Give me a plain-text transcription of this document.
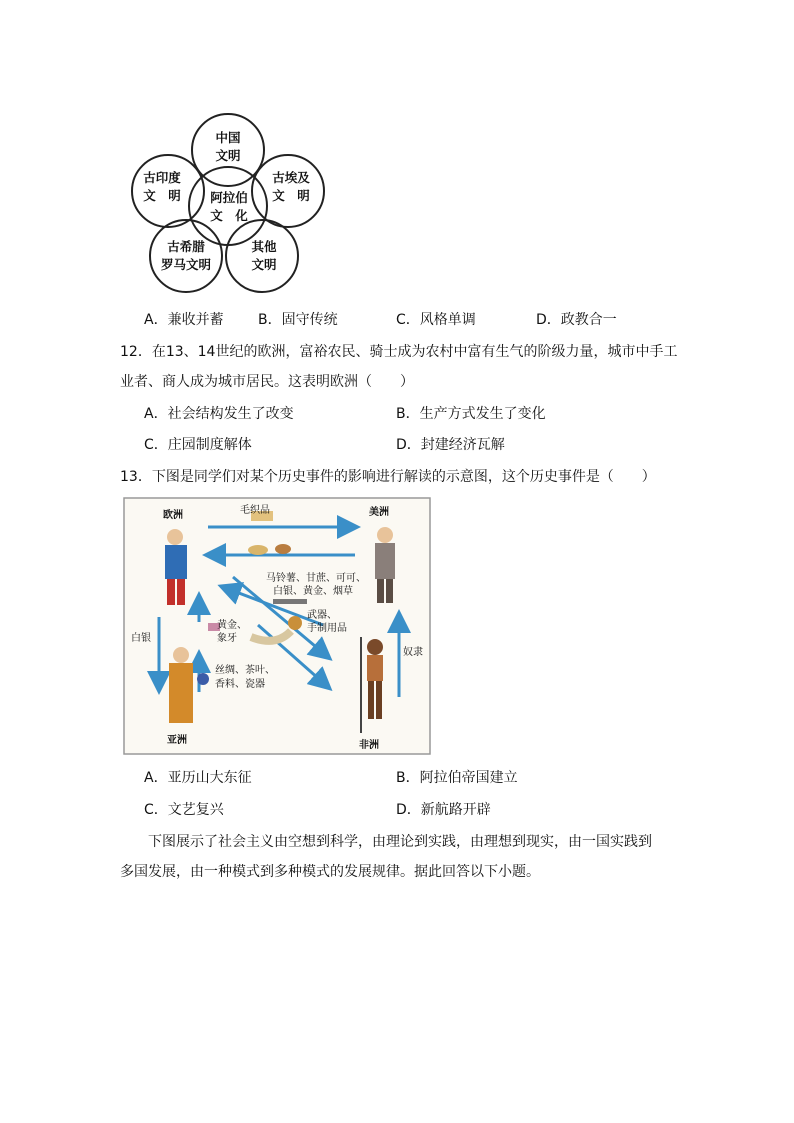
中国
文明
古印度
文　明
古埃及
文　明
阿拉伯
文　化
古希腊
罗马文明
其他
文明
A．兼收并蓄 B．固守传统	C．风格单调	D．政教合一
12．在13、14世纪的欧洲，富裕农民、骑士成为农村中富有生气的阶级力量，城市中手工
业者、商人成为城市居民。这表明欧洲（　　）
A．社会结构发生了改变	B．生产方式发生了变化
C．庄园制度解体	D．封建经济瓦解
13．下图是同学们对某个历史事件的影响进行解读的示意图，这个历史事件是（　　）
欧洲	美洲
亚洲	非洲
毛织品
马铃薯、甘蔗、可可、
白银、黄金、烟草
武器、
手制用品
黄金、
象牙
白银
丝绸、茶叶、
香料、瓷器
奴隶
A．亚历山大东征	B．阿拉伯帝国建立
C．文艺复兴	D．新航路开辟
下图展示了社会主义由空想到科学，由理论到实践，由理想到现实，由一国实践到
多国发展，由一种模式到多种模式的发展规律。据此回答以下小题。
